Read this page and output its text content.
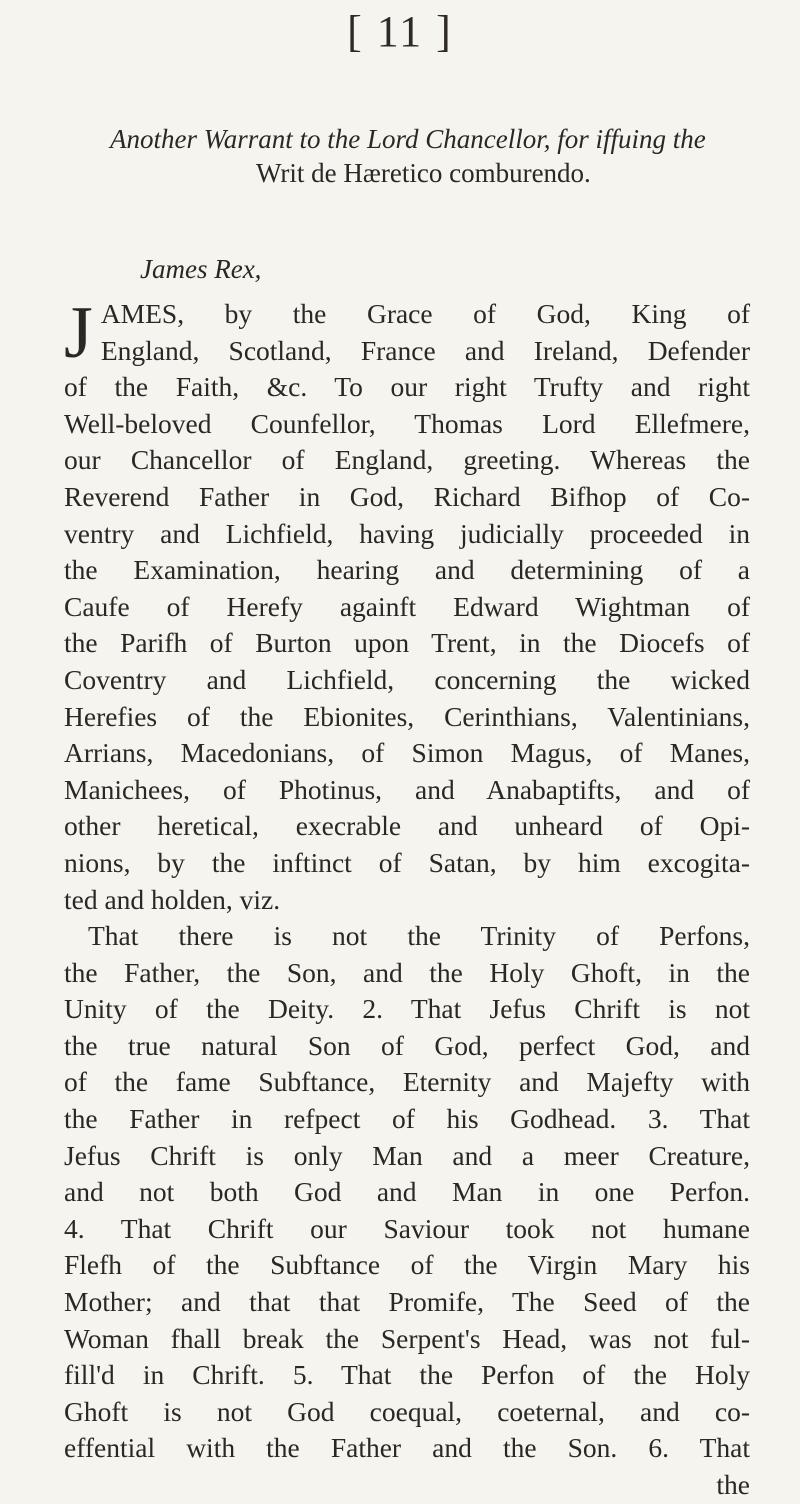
[ 11 ]
Another Warrant to the Lord Chancellor, for iffuing the
Writ de Hæretico comburendo.
James Rex,
J AMES, by the Grace of God, King of
England, Scotland, France and Ireland, Defender
of the Faith, &c. To our right Trufty and right
Well-beloved Counfellor, Thomas Lord Ellefmere,
our Chancellor of England, greeting. Whereas the
Reverend Father in God, Richard Bifhop of Co-
ventry and Lichfield, having judicially proceeded in
the Examination, hearing and determining of a
Caufe of Herefy againft Edward Wightman of
the Parifh of Burton upon Trent, in the Diocefs of
Coventry and Lichfield, concerning the wicked
Herefies of the Ebionites, Cerinthians, Valentinians,
Arrians, Macedonians, of Simon Magus, of Manes,
Manichees, of Photinus, and Anabaptifts, and of
other heretical, execrable and unheard of Opi-
nions, by the inftinct of Satan, by him excogita-
ted and holden, viz.
That there is not the Trinity of Perfons,
the Father, the Son, and the Holy Ghoft, in the
Unity of the Deity. 2. That Jefus Chrift is not
the true natural Son of God, perfect God, and
of the fame Subftance, Eternity and Majefty with
the Father in refpect of his Godhead. 3. That
Jefus Chrift is only Man and a meer Creature,
and not both God and Man in one Perfon.
4. That Chrift our Saviour took not humane
Flefh of the Subftance of the Virgin Mary his
Mother; and that that Promife, The Seed of the
Woman fhall break the Serpent's Head, was not ful-
fill'd in Chrift. 5. That the Perfon of the Holy
Ghoft is not God coequal, coeternal, and co-
effential with the Father and the Son. 6. That
the
